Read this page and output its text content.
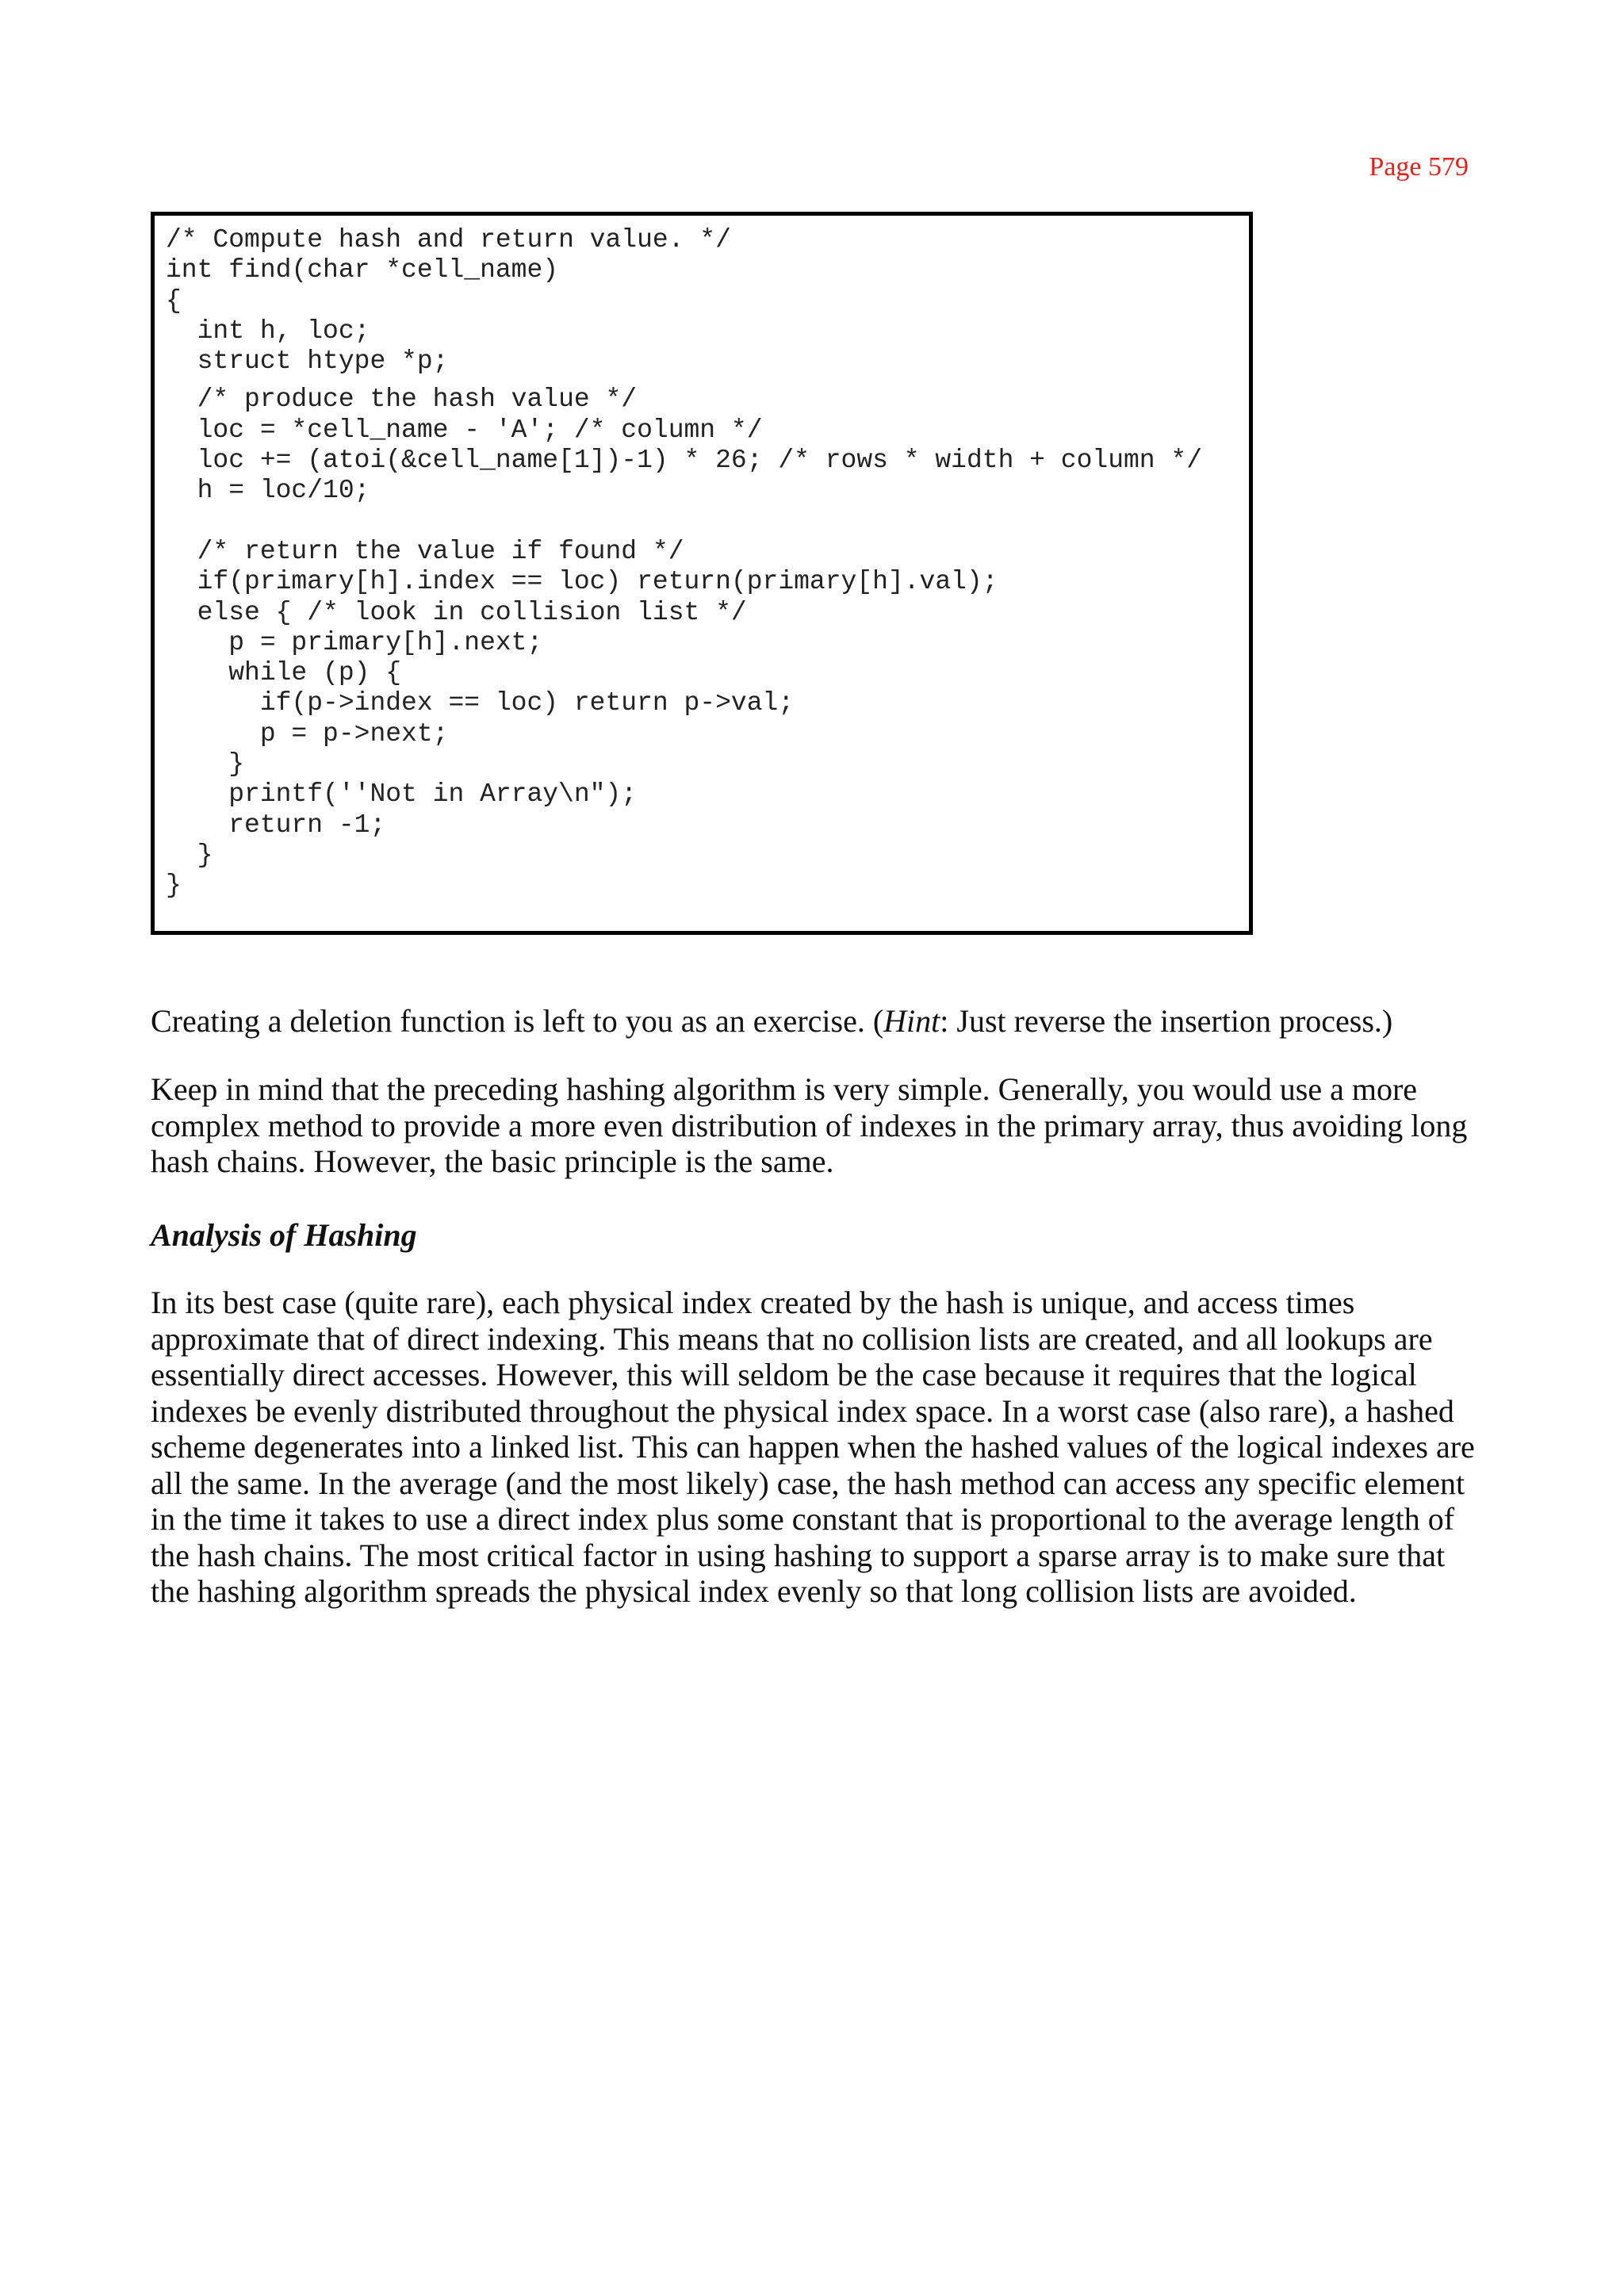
Page 579
/* Compute hash and return value. */
int find(char *cell_name)
{
int h, loc;
struct htype *p;
/* produce the hash value */
loc = *cell_name - 'A'; /* column */
loc += (atoi(&cell_name[1])-1) * 26; /* rows * width + column */
h = loc/10;
/* return the value if found */
if(primary[h].index == loc) return(primary[h].val);
else { /* look in collision list */
p = primary[h].next;
while (p) {
if(p->index == loc) return p->val;
p = p->next;
}
printf(''Not in Array\n");
return -1;
}
}

Creating a deletion function is left to you as an exercise. (Hint: Just reverse the insertion process.)

Keep in mind that the preceding hashing algorithm is very simple. Generally, you would use a more complex method to provide a more even distribution of indexes in the primary array, thus avoiding long hash chains. However, the basic principle is the same.

Analysis of Hashing

In its best case (quite rare), each physical index created by the hash is unique, and access times approximate that of direct indexing. This means that no collision lists are created, and all lookups are essentially direct accesses. However, this will seldom be the case because it requires that the logical indexes be evenly distributed throughout the physical index space. In a worst case (also rare), a hashed scheme degenerates into a linked list. This can happen when the hashed values of the logical indexes are all the same. In the average (and the most likely) case, the hash method can access any specific element in the time it takes to use a direct index plus some constant that is proportional to the average length of the hash chains. The most critical factor in using hashing to support a sparse array is to make sure that the hashing algorithm spreads the physical index evenly so that long collision lists are avoided.
